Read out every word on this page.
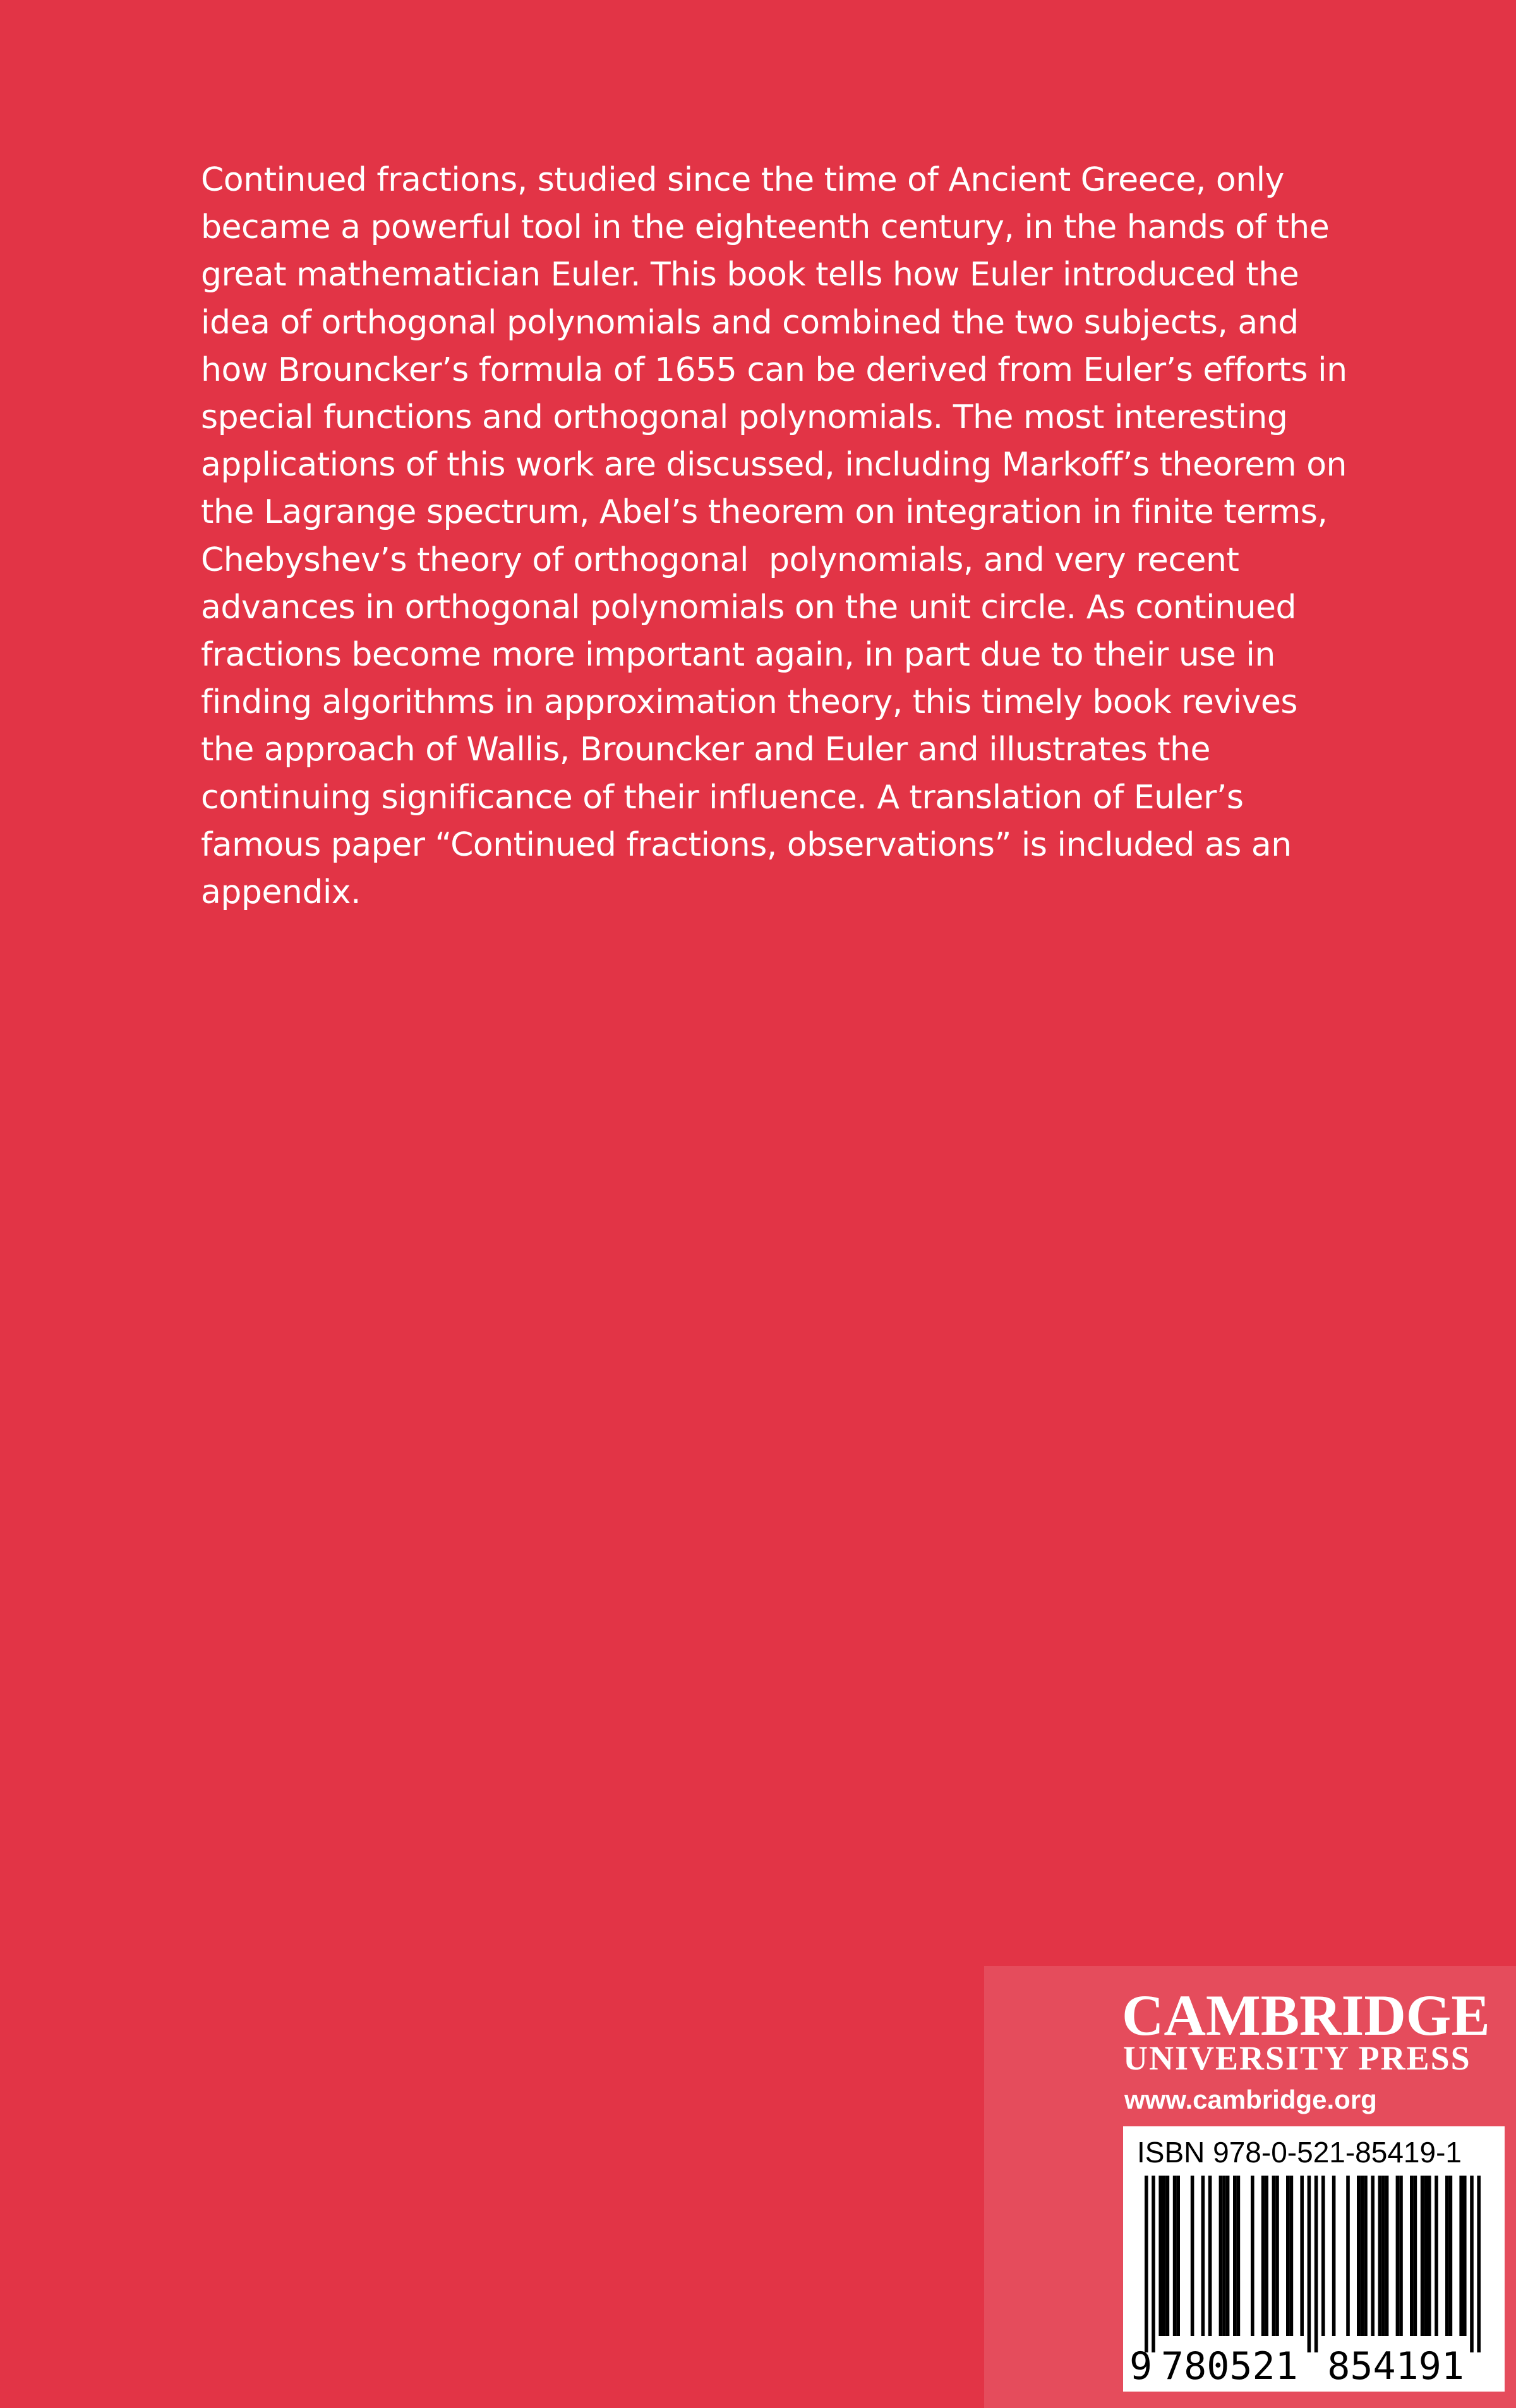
Continued fractions, studied since the time of Ancient Greece, only
became a powerful tool in the eighteenth century, in the hands of the
great mathematician Euler. This book tells how Euler introduced the
idea of orthogonal polynomials and combined the two subjects, and
how Brouncker’s formula of 1655 can be derived from Euler’s efforts in
special functions and orthogonal polynomials. The most interesting
applications of this work are discussed, including Markoff’s theorem on
the Lagrange spectrum, Abel’s theorem on integration in finite terms,
Chebyshev’s theory of orthogonal  polynomials, and very recent
advances in orthogonal polynomials on the unit circle. As continued
fractions become more important again, in part due to their use in
finding algorithms in approximation theory, this timely book revives
the approach of Wallis, Brouncker and Euler and illustrates the
continuing significance of their influence. A translation of Euler’s
famous paper “Continued fractions, observations” is included as an
appendix.
CAMBRIDGE
UNIVERSITY PRESS
www.cambridge.org
9 780521 854191
ISBN 978-0-521-85419-1
